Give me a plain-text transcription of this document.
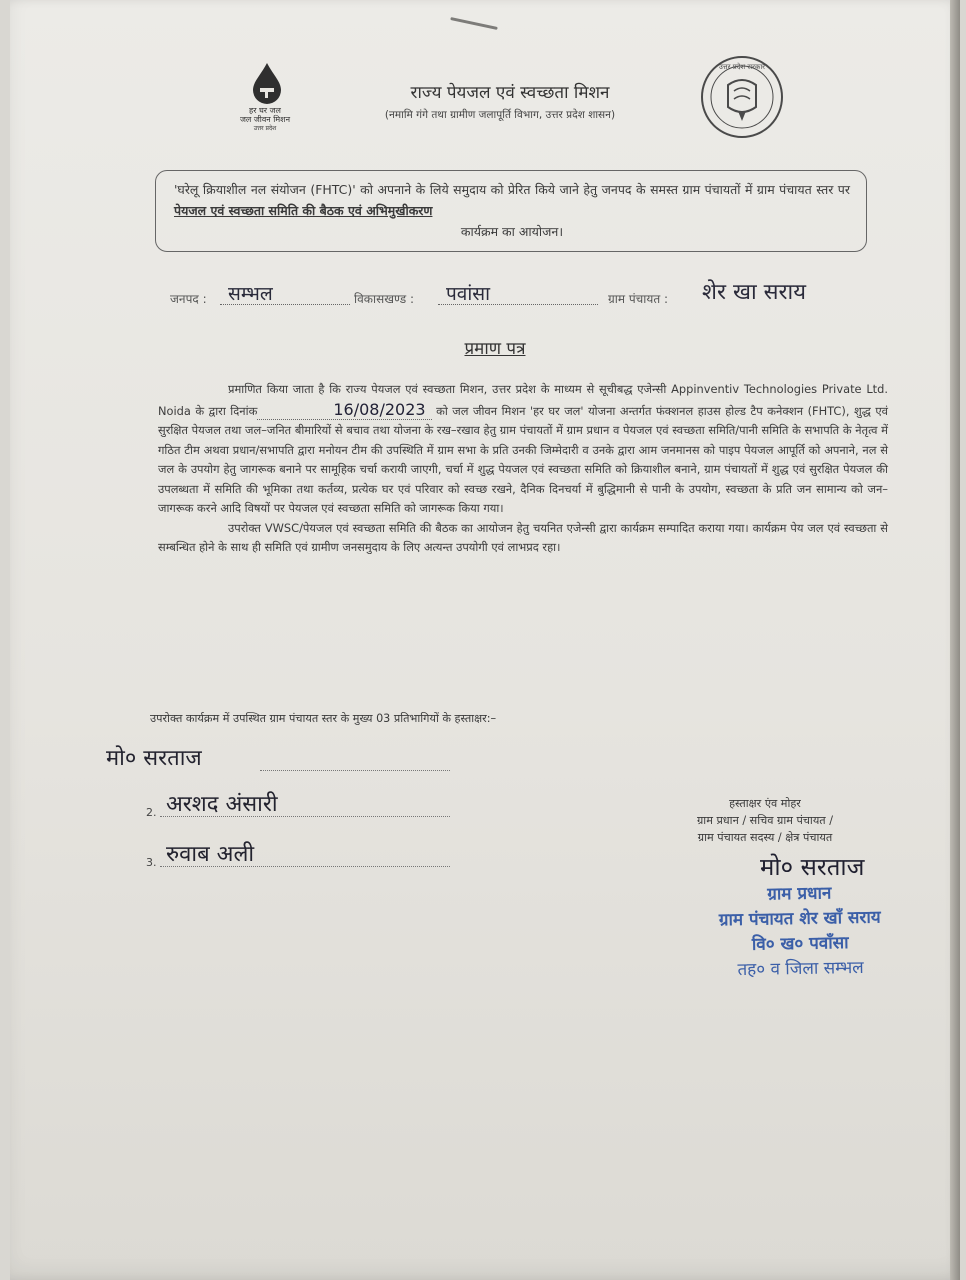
हर घर जल
जल जीवन मिशन
उत्तर प्रदेश
राज्य पेयजल एवं स्वच्छता मिशन
(नमामि गंगे तथा ग्रामीण जलापूर्ति विभाग, उत्तर प्रदेश शासन)
उत्तर प्रदेश सरकार

'घरेलू क्रियाशील नल संयोजन (FHTC)' को अपनाने के लिये समुदाय को प्रेरित किये जाने हेतु जनपद के समस्त ग्राम पंचायतों में ग्राम पंचायत स्तर पर पेयजल एवं स्वच्छता समिति की बैठक एवं अभिमुखीकरण
कार्यक्रम का आयोजन।

जनपद : सम्भल	विकासखण्ड : पवांसा	ग्राम पंचायत : शेर खा सराय
प्रमाण पत्र

प्रमाणित किया जाता है कि राज्य पेयजल एवं स्वच्छता मिशन, उत्तर प्रदेश के माध्यम से सूचीबद्ध एजेन्सी Appinventiv Technologies Private Ltd. Noida के द्वारा दिनांक	16/08/2023 को जल जीवन मिशन 'हर घर जल' योजना अन्तर्गत फंक्शनल हाउस होल्ड टैप कनेक्शन (FHTC), शुद्ध एवं सुरक्षित पेयजल तथा जल–जनित बीमारियों से बचाव तथा योजना के रख–रखाव हेतु ग्राम पंचायतों में ग्राम प्रधान व पेयजल एवं स्वच्छता समिति/पानी समिति के सभापति के नेतृत्व में गठित टीम अथवा प्रधान/सभापति द्वारा मनोयन टीम की उपस्थिति में ग्राम सभा के प्रति उनकी जिम्मेदारी व उनके द्वारा आम जनमानस को पाइप पेयजल आपूर्ति को अपनाने, नल से जल के उपयोग हेतु जागरूक बनाने पर सामूहिक चर्चा करायी जाएगी, चर्चा में शुद्ध पेयजल एवं स्वच्छता समिति को क्रियाशील बनाने, ग्राम पंचायतों में शुद्ध एवं सुरक्षित पेयजल की उपलब्धता में समिति की भूमिका तथा कर्तव्य, प्रत्येक घर एवं परिवार को स्वच्छ रखने, दैनिक दिनचर्या में बुद्धिमानी से पानी के उपयोग, स्वच्छता के प्रति जन सामान्य को जन–जागरूक करने आदि विषयों पर पेयजल एवं स्वच्छता समिति को जागरूक किया गया।

उपरोक्त VWSC/पेयजल एवं स्वच्छता समिति की बैठक का आयोजन हेतु चयनित एजेन्सी द्वारा कार्यक्रम सम्पादित कराया गया। कार्यक्रम पेय जल एवं स्वच्छता से सम्बन्धित होने के साथ ही समिति एवं ग्रामीण जनसमुदाय के लिए अत्यन्त उपयोगी एवं लाभप्रद रहा।

उपरोक्त कार्यक्रम में उपस्थित ग्राम पंचायत स्तर के मुख्य 03 प्रतिभागियों के हस्ताक्षर:–
मो० सरताज
2. अरशद अंसारी
3. रुवाब अली
हस्ताक्षर एंव मोहर
ग्राम प्रधान / सचिव ग्राम पंचायत /
ग्राम पंचायत सदस्य / क्षेत्र पंचायत
मो० सरताज
ग्राम प्रधान
ग्राम पंचायत शेर खाँ सराय
वि० ख० पवाँसा
तह० व जिला सम्भल
